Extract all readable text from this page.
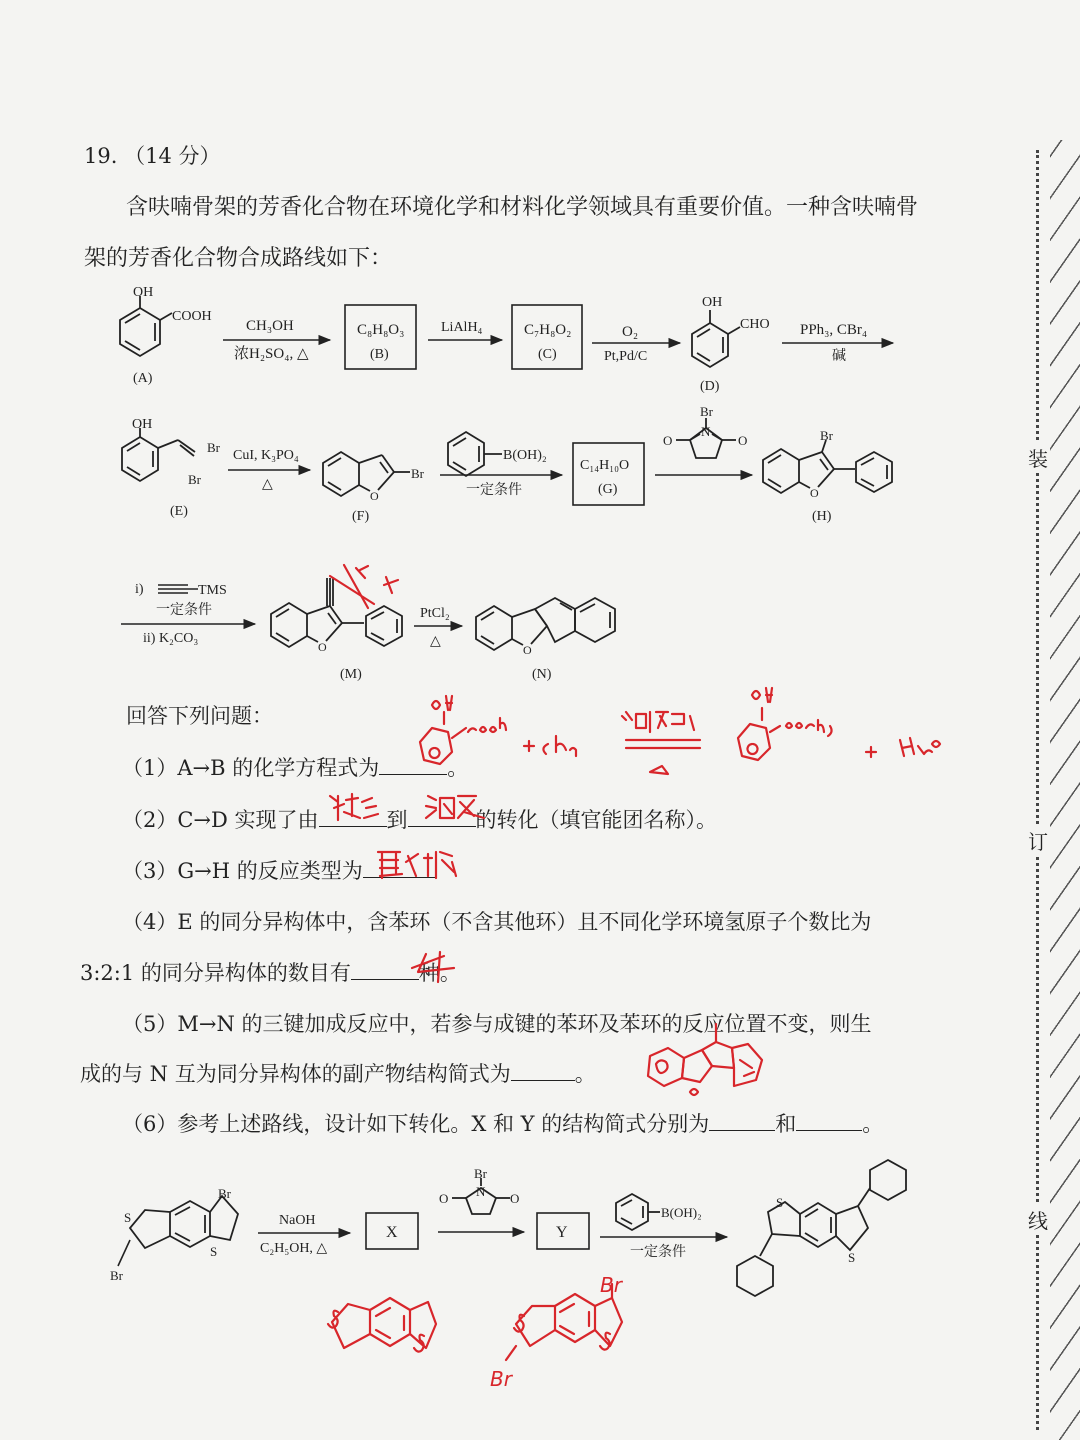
19. （14 分）
含呋喃骨架的芳香化合物在环境化学和材料化学领域具有重要价值。一种含呋喃骨
架的芳香化合物合成路线如下：
OH
COOH
(A)
CH₃OH
浓H₂SO₄, △
C₈H₈O₃
(B)
LiAlH₄	C₇H₈O₂
(C)
O₂
Pt,Pd/C
OH
CHO
(D)
PPh₃, CBr₄
碱
OH
Br
Br
(E)
CuI, K₃PO₄
△
O
Br
(F)
B(OH)₂
一定条件
C₁₄H₁₀O
(G)
Br
N
O	O	Br
O
(H)
i)	TMS
一定条件
ii) K₂CO₃
O
(M)
PtCl₂
△
O
(N)
Br
Br
S
S
NaOH
C₂H₅OH, △
X
Br
N
O	O
Y
B(OH)₂
一定条件
S
S
回答下列问题：
（1）A→B 的化学方程式为	。
（2）C→D 实现了由	到	的转化（填官能团名称）。
（3）G→H 的反应类型为
（4）E 的同分异构体中，含苯环（不含其他环）且不同化学环境氢原子个数比为
3:2:1 的同分异构体的数目有	种。
（5）M→N 的三键加成反应中，若参与成键的苯环及苯环的反应位置不变，则生
成的与 N 互为同分异构体的副产物结构简式为	。
（6）参考上述路线，设计如下转化。X 和 Y 的结构简式分别为	和	。
装
订
线
Br
Br
